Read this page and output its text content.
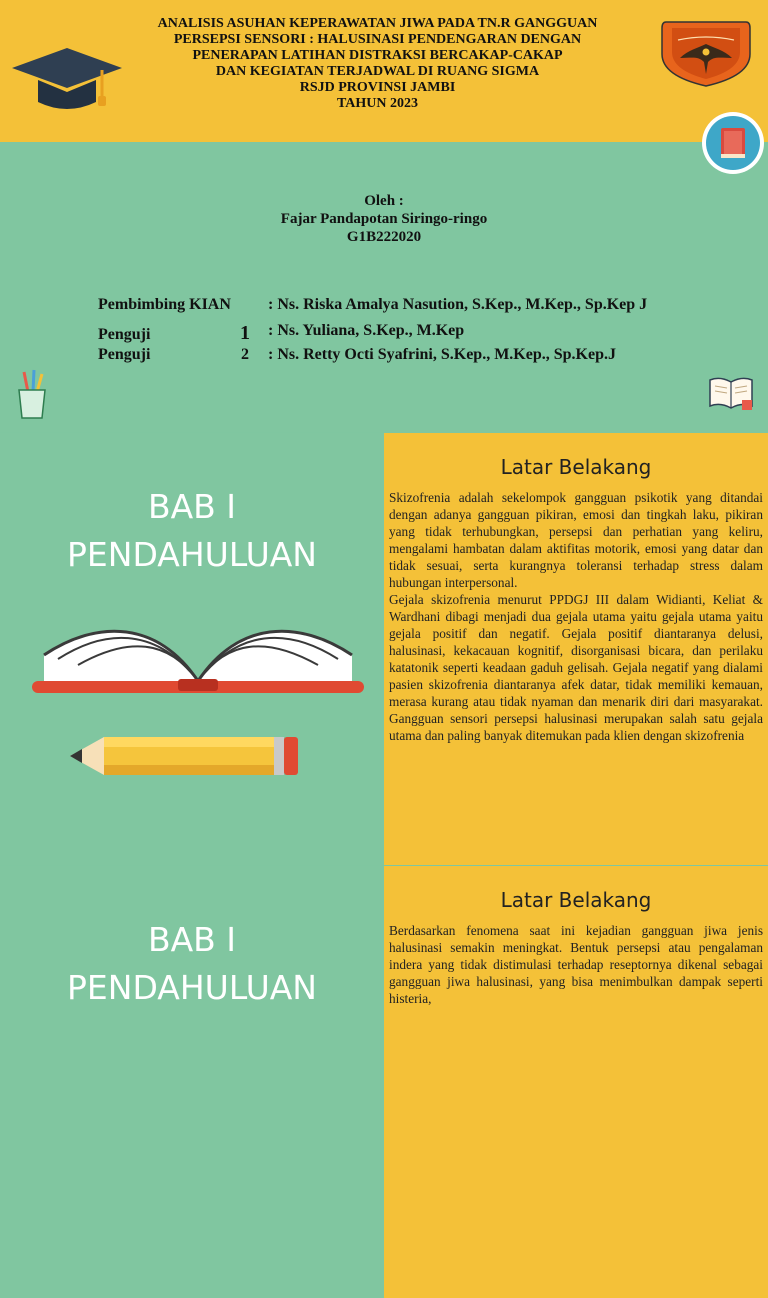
ANALISIS ASUHAN KEPERAWATAN JIWA PADA TN.R GANGGUAN
PERSEPSI SENSORI : HALUSINASI PENDENGARAN DENGAN
PENERAPAN LATIHAN DISTRAKSI BERCAKAP-CAKAP
DAN KEGIATAN TERJADWAL DI RUANG SIGMA
RSJD PROVINSI JAMBI
TAHUN 2023
Oleh :
Fajar Pandapotan Siringo-ringo
G1B222020
Pembimbing KIAN : Ns. Riska Amalya Nasution, S.Kep., M.Kep., Sp.Kep J
Penguji	1 : Ns. Yuliana, S.Kep., M.Kep
Penguji	2 : Ns. Retty Octi Syafrini, S.Kep., M.Kep., Sp.Kep.J
BAB I
PENDAHULUAN
Latar Belakang

Skizofrenia adalah sekelompok gangguan psikotik yang ditandai dengan adanya gangguan pikiran, emosi dan tingkah laku, pikiran yang tidak terhubungkan, persepsi dan perhatian yang keliru, mengalami hambatan dalam aktifitas motorik, emosi yang datar dan tidak sesuai, serta kurangnya toleransi terhadap stress dalam hubungan interpersonal.

Gejala skizofrenia menurut PPDGJ III dalam Widianti, Keliat & Wardhani dibagi menjadi dua gejala utama yaitu gejala utama yaitu gejala positif dan negatif. Gejala positif diantaranya delusi, halusinasi, kekacauan kognitif, disorganisasi bicara, dan perilaku katatonik seperti keadaan gaduh gelisah. Gejala negatif yang dialami pasien skizofrenia diantaranya afek datar, tidak memiliki kemauan, merasa kurang atau tidak nyaman dan menarik diri dari masyarakat. Gangguan sensori persepsi halusinasi merupakan salah satu gejala utama dan paling banyak ditemukan pada klien dengan skizofrenia

BAB I
PENDAHULUAN
Latar Belakang

Berdasarkan fenomena saat ini kejadian gangguan jiwa jenis halusinasi semakin meningkat. Bentuk persepsi atau pengalaman indera yang tidak distimulasi terhadap reseptornya dikenal sebagai gangguan jiwa halusinasi, yang bisa menimbulkan dampak seperti histeria,
